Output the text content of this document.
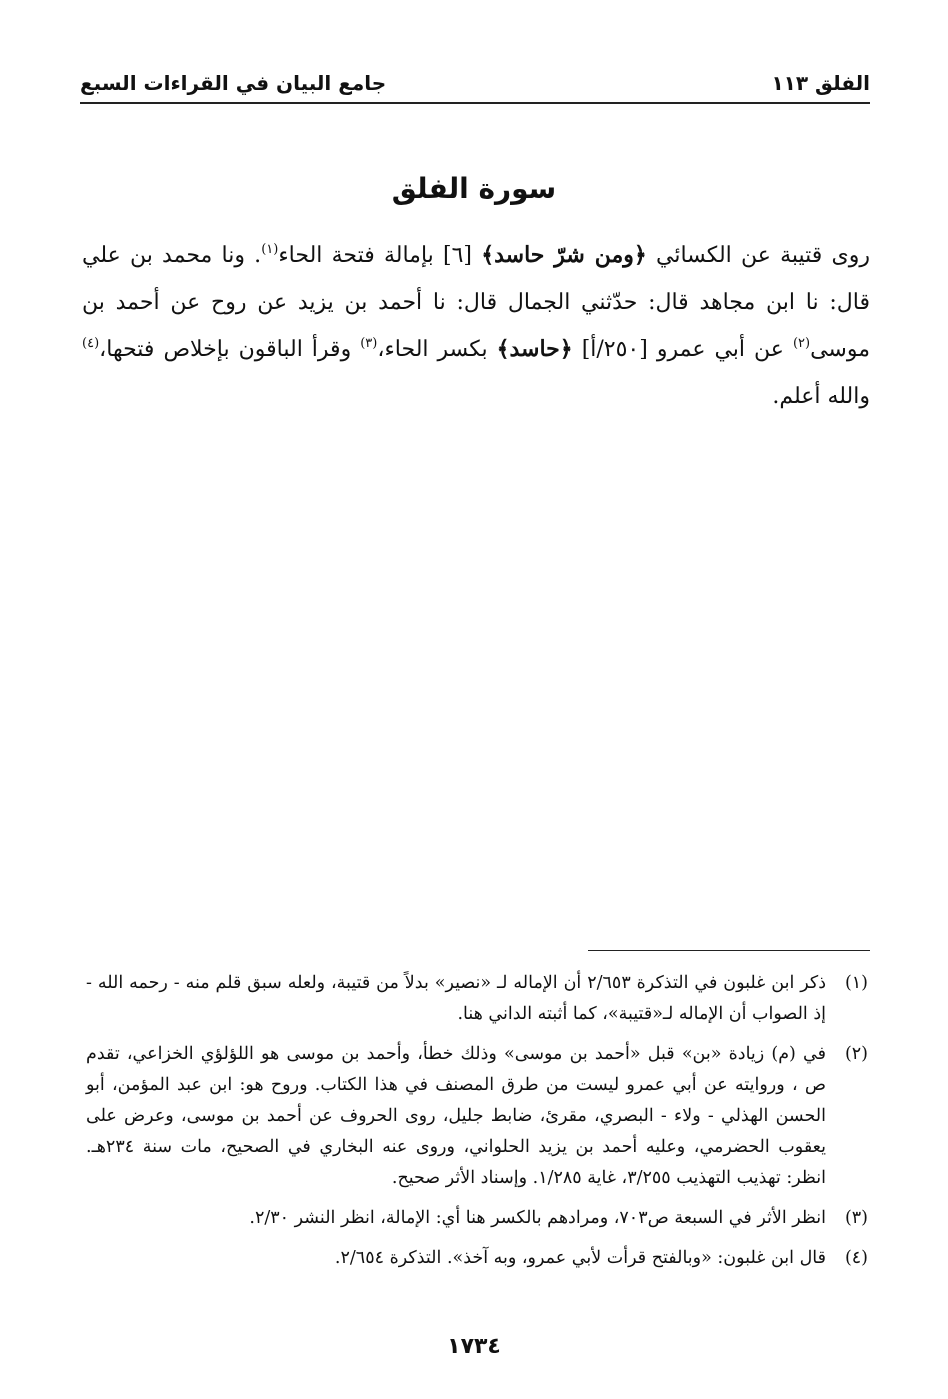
الفلق ١١٣
جامع البيان في القراءات السبع
سورة الفلق
روى قتيبة عن الكسائي ﴿ومن شرّ حاسد﴾ [٦] بإمالة فتحة الحاء$^{(١)}$. ونا محمد بن علي قال: نا ابن مجاهد قال: حدّثني الجمال قال: نا أحمد بن يزيد عن روح عن أحمد بن موسى$^{(٢)}$ عن أبي عمرو [٢٥٠/أ] ﴿حاسد﴾ بكسر الحاء،$^{(٣)}$ وقرأ الباقون بإخلاص فتحها،$^{(٤)}$ والله أعلم.
(١)
ذكر ابن غلبون في التذكرة ٢/٦٥٣ أن الإماله لـ «نصير» بدلاً من قتيبة، ولعله سبق قلم منه - رحمه الله - إذ الصواب أن الإماله لـ«قتيبة»، كما أثبته الداني هنا.
(٢)
في (م) زيادة «بن» قبل «أحمد بن موسى» وذلك خطأ، وأحمد بن موسى هو اللؤلؤي الخزاعي، تقدم ص ، وروايته عن أبي عمرو ليست من طرق المصنف في هذا الكتاب. وروح هو: ابن عبد المؤمن، أبو الحسن الهذلي - ولاء - البصري، مقرئ، ضابط جليل، روى الحروف عن أحمد بن موسى، وعرض على يعقوب الحضرمي، وعليه أحمد بن يزيد الحلواني، وروى عنه البخاري في الصحيح، مات سنة ٢٣٤هـ. انظر: تهذيب التهذيب ٣/٢٥٥، غاية ١/٢٨٥. وإسناد الأثر صحيح.
(٣)
انظر الأثر في السبعة ص٧٠٣، ومرادهم بالكسر هنا أي: الإمالة، انظر النشر ٢/٣٠.
(٤)
قال ابن غلبون: «وبالفتح قرأت لأبي عمرو، وبه آخذ». التذكرة ٢/٦٥٤.
١٧٣٤
